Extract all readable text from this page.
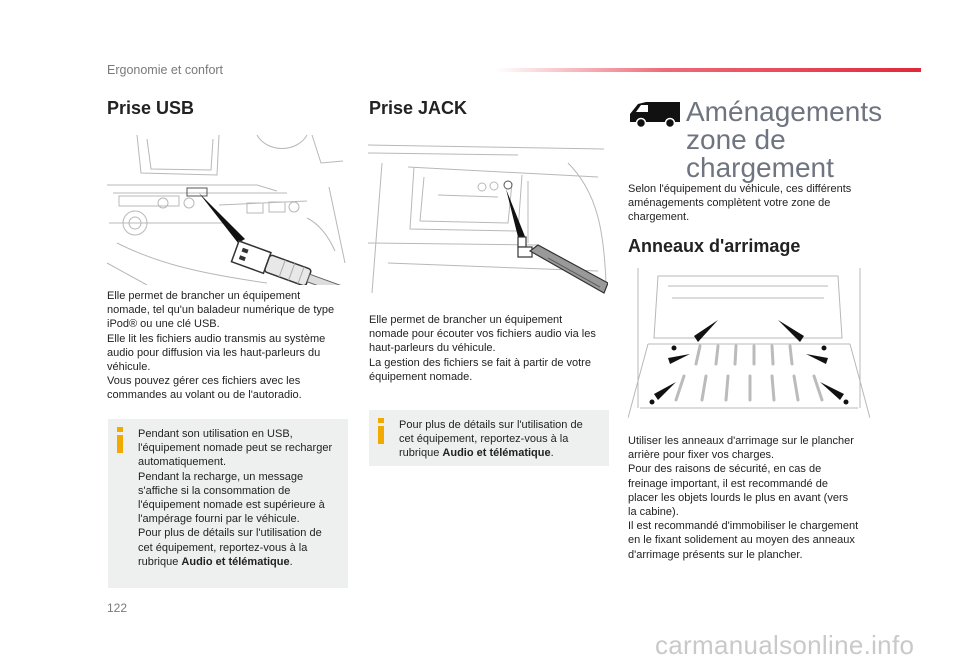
Ergonomie et confort
Prise USB
Elle permet de brancher un équipement
nomade, tel qu'un baladeur numérique de type
iPod® ou une clé USB.
Elle lit les fichiers audio transmis au système
audio pour diffusion via les haut-parleurs du
véhicule.
Vous pouvez gérer ces fichiers avec les
commandes au volant ou de l'autoradio.
Pendant son utilisation en USB,
l'équipement nomade peut se recharger
automatiquement.
Pendant la recharge, un message
s'affiche si la consommation de
l'équipement nomade est supérieure à
l'ampérage fourni par le véhicule.
Pour plus de détails sur l'utilisation de
cet équipement, reportez-vous à la
rubrique Audio et télématique.
Prise JACK
Elle permet de brancher un équipement
nomade pour écouter vos fichiers audio via les
haut-parleurs du véhicule.
La gestion des fichiers se fait à partir de votre
équipement nomade.
Pour plus de détails sur l'utilisation de
cet équipement, reportez-vous à la
rubrique Audio et télématique.
Aménagements
zone de
chargement
Selon l'équipement du véhicule, ces différents
aménagements complètent votre zone de
chargement.
Anneaux d'arrimage
Utiliser les anneaux d'arrimage sur le plancher
arrière pour fixer vos charges.
Pour des raisons de sécurité, en cas de
freinage important, il est recommandé de
placer les objets lourds le plus en avant (vers
la cabine).
Il est recommandé d'immobiliser le chargement
en le fixant solidement au moyen des anneaux
d'arrimage présents sur le plancher.
122
carmanualsonline.info
